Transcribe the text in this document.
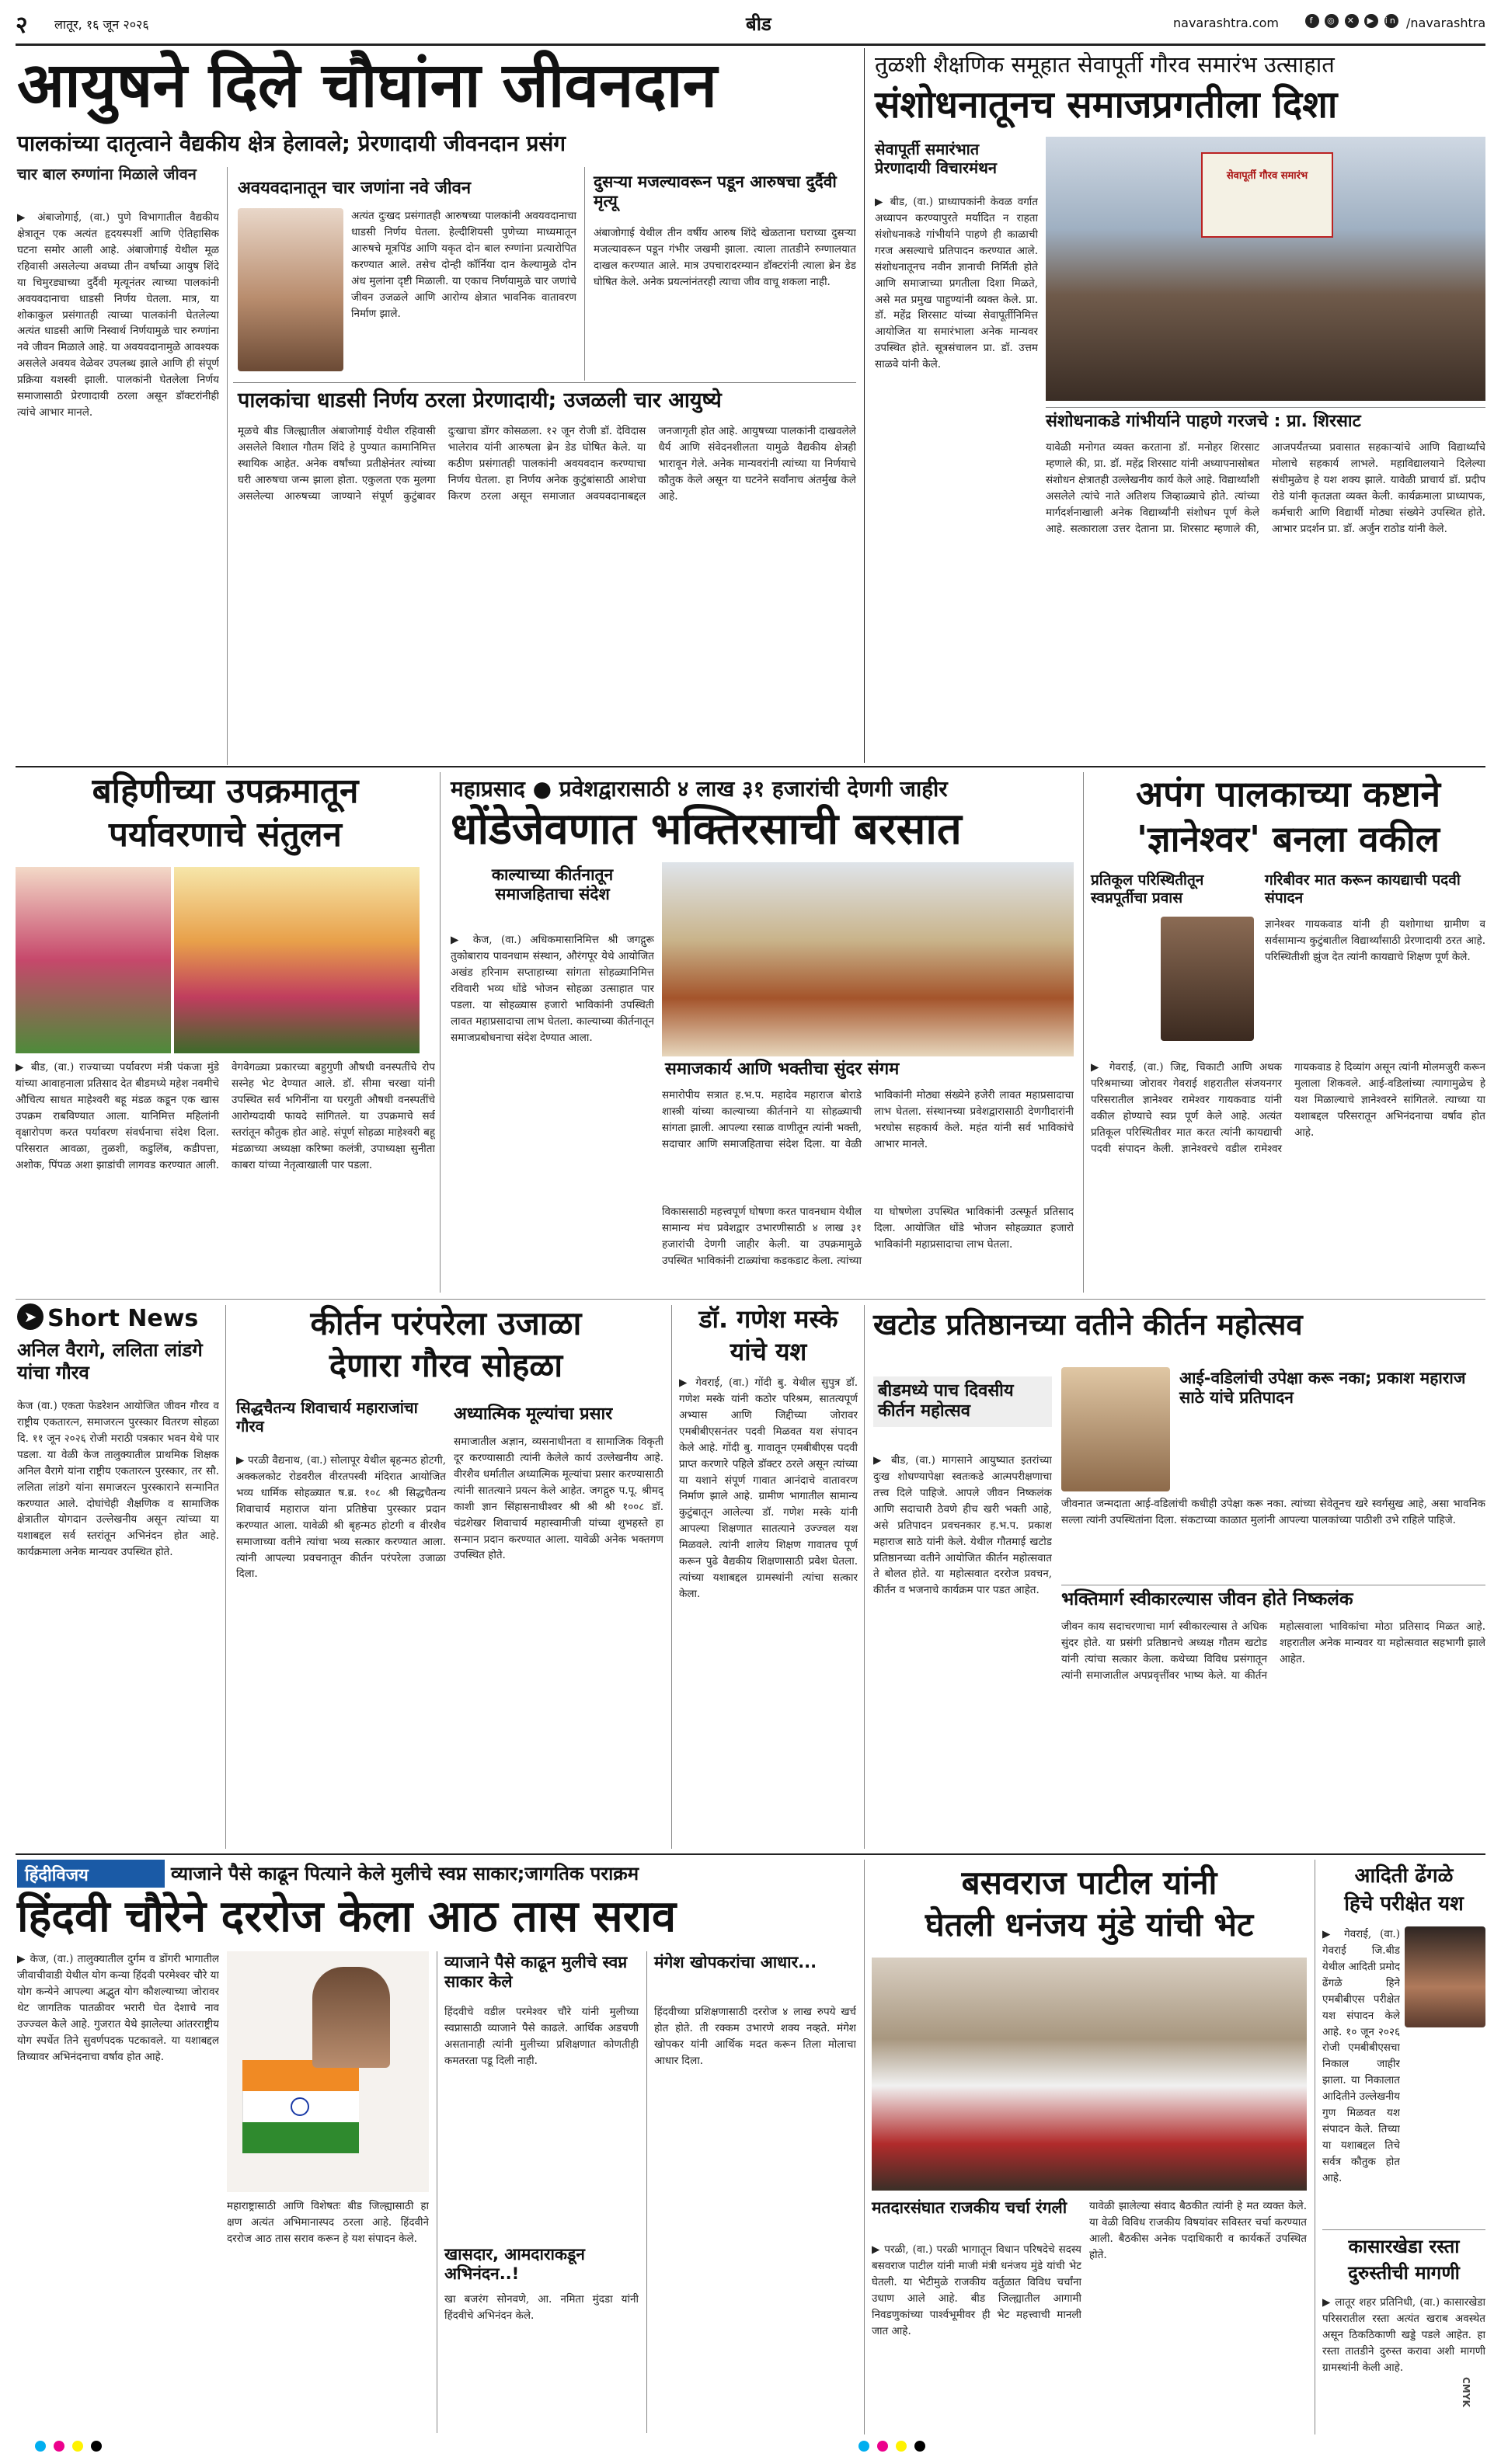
२ लातूर, १६ जून २०२६	बीड	navarashtra.com	f ◎ ✕ ▶ in /navarashtra
आयुषने दिले चौघांना जीवनदान
पालकांच्या दातृत्वाने वैद्यकीय क्षेत्र हेलावले; प्रेरणादायी जीवनदान प्रसंग
चार बाल रुग्णांना मिळाले जीवन
▶ अंबाजोगाई, (वा.) पुणे विभागातील वैद्यकीय क्षेत्रातून एक अत्यंत हृदयस्पर्शी आणि ऐतिहासिक घटना समोर आली आहे. अंबाजोगाई येथील मूळ रहिवासी असलेल्या अवघ्या तीन वर्षांच्या आयुष शिंदे या चिमुरड्याच्या दुर्दैवी मृत्यूनंतर त्याच्या पालकांनी अवयवदानाचा धाडसी निर्णय घेतला. मात्र, या शोकाकुल प्रसंगातही त्याच्या पालकांनी घेतलेल्या अत्यंत धाडसी आणि निस्वार्थ निर्णयामुळे चार रुग्णांना नवे जीवन मिळाले आहे. या अवयवदानामुळे आवश्यक असलेले अवयव वेळेवर उपलब्ध झाले आणि ही संपूर्ण प्रक्रिया यशस्वी झाली. पालकांनी घेतलेला निर्णय समाजासाठी प्रेरणादायी ठरला असून डॉक्टरांनीही त्यांचे आभार मानले.
अवयवदानातून चार जणांना नवे जीवन
अत्यंत दुःखद प्रसंगातही आरुषच्या पालकांनी अवयवदानाचा धाडसी निर्णय घेतला. हेल्दीशियसी पुणेच्या माध्यमातून आरुषचे मूत्रपिंड आणि यकृत दोन बाल रुग्णांना प्रत्यारोपित करण्यात आले. तसेच दोन्ही कॉर्निया दान केल्यामुळे दोन अंध मुलांना दृष्टी मिळाली. या एकाच निर्णयामुळे चार जणांचे जीवन उजळले आणि आरोग्य क्षेत्रात भावनिक वातावरण निर्माण झाले.
दुसऱ्या मजल्यावरून पडून आरुषचा दुर्दैवी मृत्यू
अंबाजोगाई येथील तीन वर्षीय आरुष शिंदे खेळताना घराच्या दुसऱ्या मजल्यावरून पडून गंभीर जखमी झाला. त्याला तातडीने रुग्णालयात दाखल करण्यात आले. मात्र उपचारादरम्यान डॉक्टरांनी त्याला ब्रेन डेड घोषित केले. अनेक प्रयत्नांनंतरही त्याचा जीव वाचू शकला नाही.
पालकांचा धाडसी निर्णय ठरला प्रेरणादायी; उजळली चार आयुष्ये
मूळचे बीड जिल्ह्यातील अंबाजोगाई येथील रहिवासी असलेले विशाल गौतम शिंदे हे पुण्यात कामानिमित्त स्थायिक आहेत. अनेक वर्षांच्या प्रतीक्षेनंतर त्यांच्या घरी आरुषचा जन्म झाला होता. एकुलता एक मुलगा असलेल्या आरुषच्या जाण्याने संपूर्ण कुटुंबावर दुःखाचा डोंगर कोसळला. १२ जून रोजी डॉ. देविदास भालेराव यांनी आरुषला ब्रेन डेड घोषित केले. या कठीण प्रसंगातही पालकांनी अवयवदान करण्याचा निर्णय घेतला. हा निर्णय अनेक कुटुंबांसाठी आशेचा किरण ठरला असून समाजात अवयवदानाबद्दल जनजागृती होत आहे. आयुषच्या पालकांनी दाखवलेले धैर्य आणि संवेदनशीलता यामुळे वैद्यकीय क्षेत्रही भारावून गेले. अनेक मान्यवरांनी त्यांच्या या निर्णयाचे कौतुक केले असून या घटनेने सर्वांनाच अंतर्मुख केले आहे.
तुळशी शैक्षणिक समूहात सेवापूर्ती गौरव समारंभ उत्साहात
संशोधनातूनच समाजप्रगतीला दिशा
सेवापूर्ती समारंभात प्रेरणादायी विचारमंथन
▶ बीड, (वा.) प्राध्यापकांनी केवळ वर्गात अध्यापन करण्यापुरते मर्यादित न राहता संशोधनाकडे गांभीर्याने पाहणे ही काळाची गरज असल्याचे प्रतिपादन करण्यात आले. संशोधनातूनच नवीन ज्ञानाची निर्मिती होते आणि समाजाच्या प्रगतीला दिशा मिळते, असे मत प्रमुख पाहुण्यांनी व्यक्त केले. प्रा. डॉ. महेंद्र शिरसाट यांच्या सेवापूर्तीनिमित्त आयोजित या समारंभाला अनेक मान्यवर उपस्थित होते. सूत्रसंचालन प्रा. डॉ. उत्तम साळवे यांनी केले.
सेवापूर्ती गौरव समारंभ
संशोधनाकडे गांभीर्याने पाहणे गरजचे : प्रा. शिरसाट
यावेळी मनोगत व्यक्त करताना डॉ. मनोहर शिरसाट म्हणाले की, प्रा. डॉ. महेंद्र शिरसाट यांनी अध्यापनासोबत संशोधन क्षेत्रातही उल्लेखनीय कार्य केले आहे. विद्यार्थ्यांशी असलेले त्यांचे नाते अतिशय जिव्हाळ्याचे होते. त्यांच्या मार्गदर्शनाखाली अनेक विद्यार्थ्यांनी संशोधन पूर्ण केले आहे. सत्काराला उत्तर देताना प्रा. शिरसाट म्हणाले की, आजपर्यंतच्या प्रवासात सहकाऱ्यांचे आणि विद्यार्थ्यांचे मोलाचे सहकार्य लाभले. महाविद्यालयाने दिलेल्या संधीमुळेच हे यश शक्य झाले. यावेळी प्राचार्य डॉ. प्रदीप रोडे यांनी कृतज्ञता व्यक्त केली. कार्यक्रमाला प्राध्यापक, कर्मचारी आणि विद्यार्थी मोठ्या संख्येने उपस्थित होते. आभार प्रदर्शन प्रा. डॉ. अर्जुन राठोड यांनी केले.
बहिणीच्या उपक्रमातून
पर्यावरणाचे संतुलन
▶ बीड, (वा.) राज्याच्या पर्यावरण मंत्री पंकजा मुंडे यांच्या आवाहनाला प्रतिसाद देत बीडमध्ये महेश नवमीचे औचित्य साधत माहेश्वरी बहू मंडळ कडून एक खास उपक्रम राबविण्यात आला. यानिमित्त महिलांनी वृक्षारोपण करत पर्यावरण संवर्धनाचा संदेश दिला. परिसरात आवळा, तुळशी, कडुलिंब, कडीपत्ता, अशोक, पिंपळ अशा झाडांची लागवड करण्यात आली. वेगवेगळ्या प्रकारच्या बहुगुणी औषधी वनस्पतींचे रोप सस्नेह भेट देण्यात आले. डॉ. सीमा चरखा यांनी उपस्थित सर्व भगिनींना या घरगुती औषधी वनस्पतींचे आरोग्यदायी फायदे सांगितले. या उपक्रमाचे सर्व स्तरांतून कौतुक होत आहे. संपूर्ण सोहळा माहेश्वरी बहू मंडळाच्या अध्यक्षा करिष्मा कलंत्री, उपाध्यक्षा सुनीता काबरा यांच्या नेतृत्वाखाली पार पडला.
➤ Short News
अनिल वैरागे, ललिता लांडगे यांचा गौरव
केज (वा.) एकता फेडरेशन आयोजित जीवन गौरव व राष्ट्रीय एकतारत्न, समाजरत्न पुरस्कार वितरण सोहळा दि. ११ जून २०२६ रोजी मराठी पत्रकार भवन येथे पार पडला. या वेळी केज तालुक्यातील प्राथमिक शिक्षक अनिल वैरागे यांना राष्ट्रीय एकतारत्न पुरस्कार, तर सौ. ललिता लांडगे यांना समाजरत्न पुरस्काराने सन्मानित करण्यात आले. दोघांचेही शैक्षणिक व सामाजिक क्षेत्रातील योगदान उल्लेखनीय असून त्यांच्या या यशाबद्दल सर्व स्तरांतून अभिनंदन होत आहे. कार्यक्रमाला अनेक मान्यवर उपस्थित होते.
महाप्रसाद ● प्रवेशद्वारासाठी ४ लाख ३१ हजारांची देणगी जाहीर
धोंडेजेवणात भक्तिरसाची बरसात
काल्याच्या कीर्तनातून समाजहिताचा संदेश
▶ केज, (वा.) अधिकमासानिमित्त श्री जगद्गुरू तुकोबाराय पावनधाम संस्थान, औरंगपूर येथे आयोजित अखंड हरिनाम सप्ताहाच्या सांगता सोहळ्यानिमित्त रविवारी भव्य धोंडे भोजन सोहळा उत्साहात पार पडला. या सोहळ्यास हजारो भाविकांनी उपस्थिती लावत महाप्रसादाचा लाभ घेतला. काल्याच्या कीर्तनातून समाजप्रबोधनाचा संदेश देण्यात आला.
समाजकार्य आणि भक्तीचा सुंदर संगम
समारोपीय सत्रात ह.भ.प. महादेव महाराज बोराडे शास्त्री यांच्या काल्याच्या कीर्तनाने या सोहळ्याची सांगता झाली. आपल्या रसाळ वाणीतून त्यांनी भक्ती, सदाचार आणि समाजहिताचा संदेश दिला. या वेळी भाविकांनी मोठ्या संख्येने हजेरी लावत महाप्रसादाचा लाभ घेतला. संस्थानच्या प्रवेशद्वारासाठी देणगीदारांनी भरघोस सहकार्य केले. महंत यांनी सर्व भाविकांचे आभार मानले.
विकाससाठी महत्त्वपूर्ण घोषणा करत पावनधाम येथील सामान्य मंच प्रवेशद्वार उभारणीसाठी ४ लाख ३१ हजारांची देणगी जाहीर केली. या उपक्रमामुळे उपस्थित भाविकांनी टाळ्यांचा कडकडाट केला. त्यांच्या या घोषणेला उपस्थित भाविकांनी उत्स्फूर्त प्रतिसाद दिला. आयोजित धोंडे भोजन सोहळ्यात हजारो भाविकांनी महाप्रसादाचा लाभ घेतला.
अपंग पालकाच्या कष्टाने
'ज्ञानेश्वर' बनला वकील
प्रतिकूल परिस्थितीतून स्वप्नपूर्तीचा प्रवास
गरिबीवर मात करून कायद्याची पदवी संपादन
ज्ञानेश्वर गायकवाड यांनी ही यशोगाथा ग्रामीण व सर्वसामान्य कुटुंबातील विद्यार्थ्यांसाठी प्रेरणादायी ठरत आहे. परिस्थितीशी झुंज देत त्यांनी कायद्याचे शिक्षण पूर्ण केले.
▶ गेवराई, (वा.) जिद्द, चिकाटी आणि अथक परिश्रमाच्या जोरावर गेवराई शहरातील संजयनगर परिसरातील ज्ञानेश्वर रामेश्वर गायकवाड यांनी वकील होण्याचे स्वप्न पूर्ण केले आहे. अत्यंत प्रतिकूल परिस्थितीवर मात करत त्यांनी कायद्याची पदवी संपादन केली. ज्ञानेश्वरचे वडील रामेश्वर गायकवाड हे दिव्यांग असून त्यांनी मोलमजुरी करून मुलाला शिकवले. आई-वडिलांच्या त्यागामुळेच हे यश मिळाल्याचे ज्ञानेश्वरने सांगितले. त्याच्या या यशाबद्दल परिसरातून अभिनंदनाचा वर्षाव होत आहे.
कीर्तन परंपरेला उजाळा
देणारा गौरव सोहळा
सिद्धचैतन्य शिवाचार्य महाराजांचा गौरव
▶ परळी वैद्यनाथ, (वा.) सोलापूर येथील बृहन्मठ होटगी, अक्कलकोट रोडवरील वीरतपस्वी मंदिरात आयोजित भव्य धार्मिक सोहळ्यात ष.ब्र. १०८ श्री सिद्धचैतन्य शिवाचार्य महाराज यांना प्रतिष्ठेचा पुरस्कार प्रदान करण्यात आला. यावेळी श्री बृहन्मठ होटगी व वीरशैव समाजाच्या वतीने त्यांचा भव्य सत्कार करण्यात आला. त्यांनी आपल्या प्रवचनातून कीर्तन परंपरेला उजाळा दिला.
अध्यात्मिक मूल्यांचा प्रसार
समाजातील अज्ञान, व्यसनाधीनता व सामाजिक विकृती दूर करण्यासाठी त्यांनी केलेले कार्य उल्लेखनीय आहे. वीरशैव धर्मातील अध्यात्मिक मूल्यांचा प्रसार करण्यासाठी त्यांनी सातत्याने प्रयत्न केले आहेत. जगद्गुरु प.पू. श्रीमद् काशी ज्ञान सिंहासनाधीश्वर श्री श्री श्री १००८ डॉ. चंद्रशेखर शिवाचार्य महास्वामीजी यांच्या शुभहस्ते हा सन्मान प्रदान करण्यात आला. यावेळी अनेक भक्तगण उपस्थित होते.
डॉ. गणेश मस्के
यांचे यश
▶ गेवराई, (वा.) गोंदी बु. येथील सुपुत्र डॉ. गणेश मस्के यांनी कठोर परिश्रम, सातत्यपूर्ण अभ्यास आणि जिद्दीच्या जोरावर एमबीबीएसनंतर पदवी मिळवत यश संपादन केले आहे. गोंदी बु. गावातून एमबीबीएस पदवी प्राप्त करणारे पहिले डॉक्टर ठरले असून त्यांच्या या यशाने संपूर्ण गावात आनंदाचे वातावरण निर्माण झाले आहे. ग्रामीण भागातील सामान्य कुटुंबातून आलेल्या डॉ. गणेश मस्के यांनी आपल्या शिक्षणात सातत्याने उज्ज्वल यश मिळवले. त्यांनी शालेय शिक्षण गावातच पूर्ण करून पुढे वैद्यकीय शिक्षणासाठी प्रवेश घेतला. त्यांच्या यशाबद्दल ग्रामस्थांनी त्यांचा सत्कार केला.
खटोड प्रतिष्ठानच्या वतीने कीर्तन महोत्सव
बीडमध्ये पाच दिवसीय कीर्तन महोत्सव
▶ बीड, (वा.) मागसाने आयुष्यात इतरांच्या दुःख शोधण्यापेक्षा स्वतःकडे आत्मपरीक्षणाचा तत्त्व दिले पाहिजे. आपले जीवन निष्कलंक आणि सदाचारी ठेवणे हीच खरी भक्ती आहे, असे प्रतिपादन प्रवचनकार ह.भ.प. प्रकाश महाराज साठे यांनी केले. येथील गौतमाई खटोड प्रतिष्ठानच्या वतीने आयोजित कीर्तन महोत्सवात ते बोलत होते. या महोत्सवात दररोज प्रवचन, कीर्तन व भजनाचे कार्यक्रम पार पडत आहेत.
आई-वडिलांची उपेक्षा करू नका; प्रकाश महाराज साठे यांचे प्रतिपादन
जीवनात जन्मदाता आई-वडिलांची कधीही उपेक्षा करू नका. त्यांच्या सेवेतूनच खरे स्वर्गसुख आहे, असा भावनिक सल्ला त्यांनी उपस्थितांना दिला. संकटाच्या काळात मुलांनी आपल्या पालकांच्या पाठीशी उभे राहिले पाहिजे.
भक्तिमार्ग स्वीकारल्यास जीवन होते निष्कलंक
जीवन काय सदाचरणाचा मार्ग स्वीकारल्यास ते अधिक सुंदर होते. या प्रसंगी प्रतिष्ठानचे अध्यक्ष गौतम खटोड यांनी त्यांचा सत्कार केला. कथेच्या विविध प्रसंगातून त्यांनी समाजातील अपप्रवृत्तींवर भाष्य केले. या कीर्तन महोत्सवाला भाविकांचा मोठा प्रतिसाद मिळत आहे. शहरातील अनेक मान्यवर या महोत्सवात सहभागी झाले आहेत.
हिंदीविजय	व्याजाने पैसे काढून पित्याने केले मुलीचे स्वप्न साकार;जागतिक पराक्रम
हिंदवी चौरेने दररोज केला आठ तास सराव
▶ केज, (वा.) तालुक्यातील दुर्गम व डोंगरी भागातील जीवाचीवाडी येथील योग कन्या हिंदवी परमेश्वर चौरे या योग कन्येने आपल्या अद्भुत योग कौशल्याच्या जोरावर थेट जागतिक पातळीवर भरारी घेत देशाचे नाव उज्ज्वल केले आहे. गुजरात येथे झालेल्या आंतरराष्ट्रीय योग स्पर्धेत तिने सुवर्णपदक पटकावले. या यशाबद्दल तिच्यावर अभिनंदनाचा वर्षाव होत आहे.
महाराष्ट्रासाठी आणि विशेषतः बीड जिल्ह्यासाठी हा क्षण अत्यंत अभिमानास्पद ठरला आहे. हिंदवीने दररोज आठ तास सराव करून हे यश संपादन केले.
व्याजाने पैसे काढून मुलीचे स्वप्न साकार केले
हिंदवीचे वडील परमेश्वर चौरे यांनी मुलीच्या स्वप्नासाठी व्याजाने पैसे काढले. आर्थिक अडचणी असतानाही त्यांनी मुलीच्या प्रशिक्षणात कोणतीही कमतरता पडू दिली नाही.
खासदार, आमदाराकडून अभिनंदन..!
खा बजरंग सोनवणे, आ. नमिता मुंदडा यांनी हिंदवीचे अभिनंदन केले.
मंगेश खोपकरांचा आधार...
हिंदवीच्या प्रशिक्षणासाठी दररोज ४ लाख रुपये खर्च होत होते. ती रक्कम उभारणे शक्य नव्हते. मंगेश खोपकर यांनी आर्थिक मदत करून तिला मोलाचा आधार दिला.
बसवराज पाटील यांनी
घेतली धनंजय मुंडे यांची भेट
मतदारसंघात राजकीय चर्चा रंगली
▶ परळी, (वा.) परळी भागातून विधान परिषदेचे सदस्य बसवराज पाटील यांनी माजी मंत्री धनंजय मुंडे यांची भेट घेतली. या भेटीमुळे राजकीय वर्तुळात विविध चर्चांना उधाण आले आहे. बीड जिल्ह्यातील आगामी निवडणुकांच्या पार्श्वभूमीवर ही भेट महत्त्वाची मानली जात आहे.
यावेळी झालेल्या संवाद बैठकीत त्यांनी हे मत व्यक्त केले. या वेळी विविध राजकीय विषयांवर सविस्तर चर्चा करण्यात आली. बैठकीस अनेक पदाधिकारी व कार्यकर्ते उपस्थित होते.
आदिती ढेंगळे
हिचे परीक्षेत यश
▶ गेवराई, (वा.) गेवराई जि.बीड येथील आदिती प्रमोद ढेंगळे हिने एमबीबीएस परीक्षेत यश संपादन केले आहे. १० जून २०२६ रोजी एमबीबीएसचा निकाल जाहीर झाला. या निकालात आदितीने उल्लेखनीय गुण मिळवत यश संपादन केले. तिच्या या यशाबद्दल तिचे सर्वत्र कौतुक होत आहे.
कासारखेडा रस्ता
दुरुस्तीची मागणी
▶ लातूर शहर प्रतिनिधी, (वा.) कासारखेडा परिसरातील रस्ता अत्यंत खराब अवस्थेत असून ठिकठिकाणी खड्डे पडले आहेत. हा रस्ता तातडीने दुरुस्त करावा अशी मागणी ग्रामस्थांनी केली आहे.

CMYK
